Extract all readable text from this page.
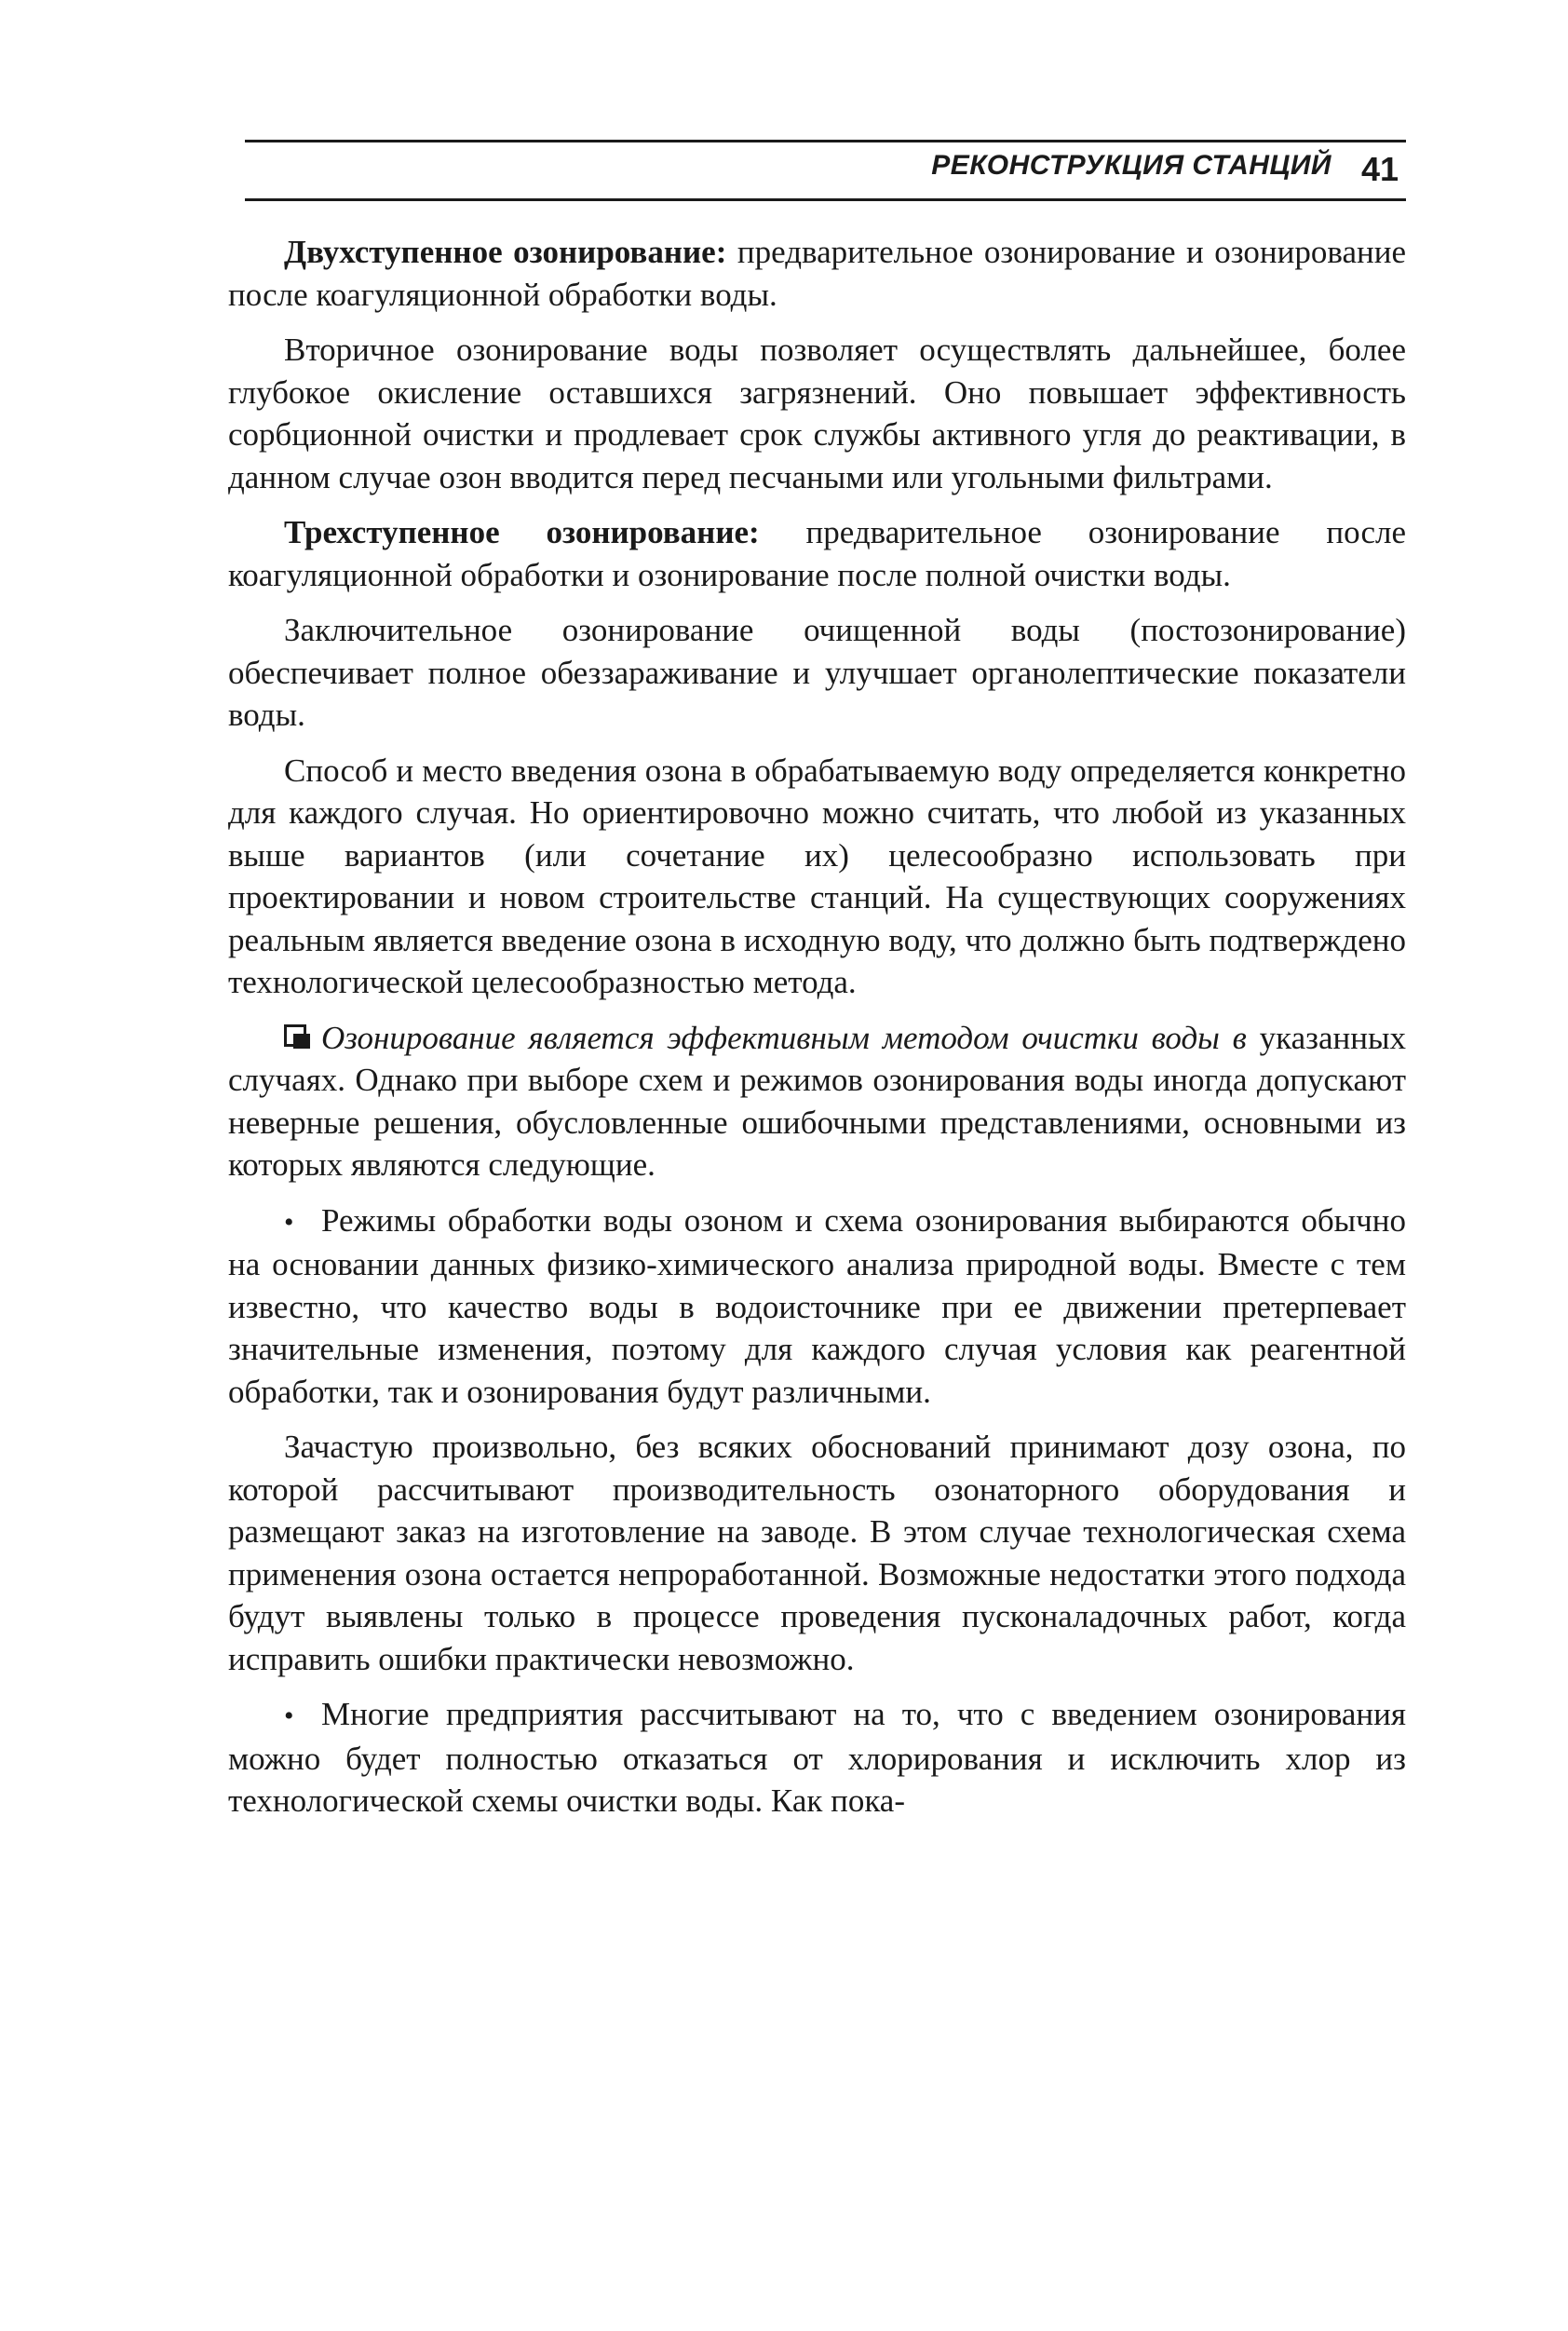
РЕКОНСТРУКЦИЯ СТАНЦИЙ 41

Двухступенное озонирование: предварительное озонирование и озонирование после коагуляционной обработки воды.

Вторичное озонирование воды позволяет осуществлять дальнейшее, более глубокое окисление оставшихся загрязнений. Оно повышает эффективность сорбционной очистки и продлевает срок службы активного угля до реактивации, в данном случае озон вводится перед песчаными или угольными фильтрами.

Трехступенное озонирование: предварительное озонирование после коагуляционной обработки и озонирование после полной очистки воды.

Заключительное озонирование очищенной воды (постозонирование) обеспечивает полное обеззараживание и улучшает органолептические показатели воды.

Способ и место введения озона в обрабатываемую воду определяется конкретно для каждого случая. Но ориентировочно можно считать, что любой из указанных выше вариантов (или сочетание их) целесообразно использовать при проектировании и новом строительстве станций. На существующих сооружениях реальным является введение озона в исходную воду, что должно быть подтверждено технологической целесообразностью метода.

Озонирование является эффективным методом очистки воды в указанных случаях. Однако при выборе схем и режимов озонирования воды иногда допускают неверные решения, обусловленные ошибочными представлениями, основными из которых являются следующие.

• Режимы обработки воды озоном и схема озонирования выбираются обычно на основании данных физико-химического анализа природной воды. Вместе с тем известно, что качество воды в водоисточнике при ее движении претерпевает значительные изменения, поэтому для каждого случая условия как реагентной обработки, так и озонирования будут различными.

Зачастую произвольно, без всяких обоснований принимают дозу озона, по которой рассчитывают производительность озонаторного оборудования и размещают заказ на изготовление на заводе. В этом случае технологическая схема применения озона остается непроработанной. Возможные недостатки этого подхода будут выявлены только в процессе проведения пусконаладочных работ, когда исправить ошибки практически невозможно.

• Многие предприятия рассчитывают на то, что с введением озонирования можно будет полностью отказаться от хлорирования и исключить хлор из технологической схемы очистки воды. Как пока-
